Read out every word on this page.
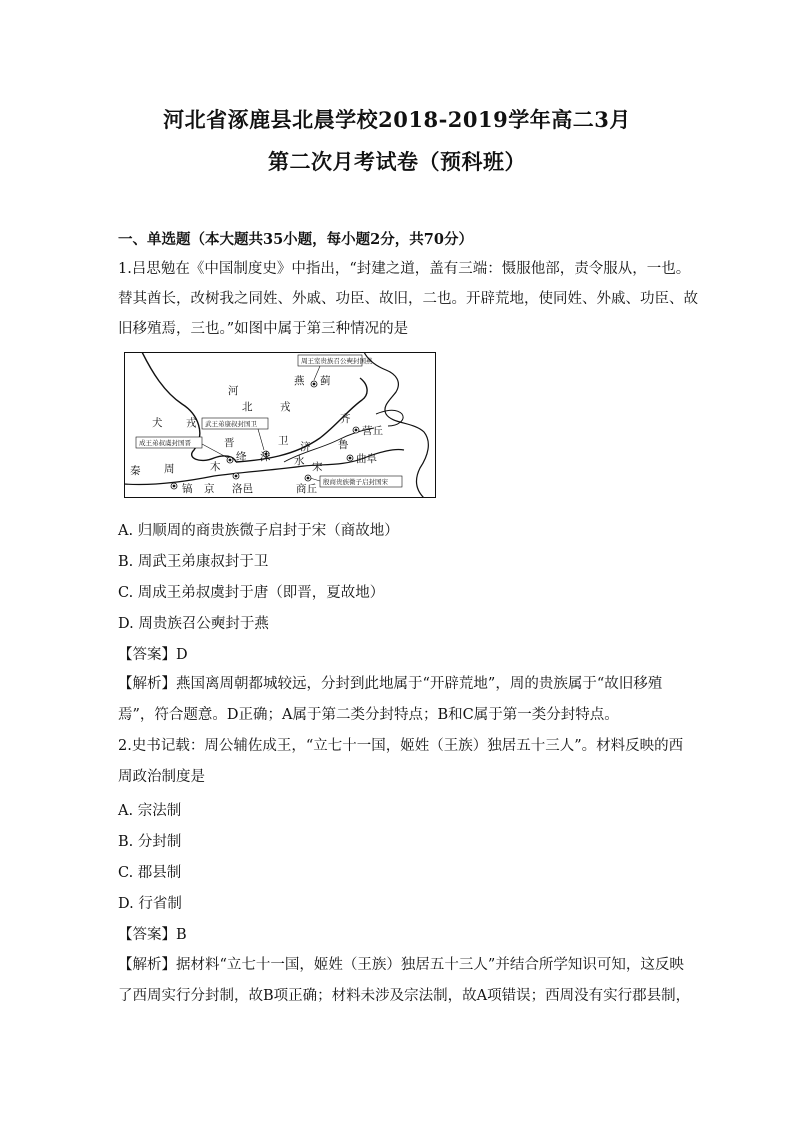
河北省涿鹿县北晨学校2018-2019学年高二3月
第二次月考试卷（预科班）
一、单选题（本大题共35小题，每小题2分，共70分）
1.吕思勉在《中国制度史》中指出，“封建之道，盖有三端：慑服他部，责令服从，一也。
替其酋长，改树我之同姓、外戚、功臣、故旧，二也。开辟荒地，使同姓、外戚、功臣、故
旧移殖焉，三也。”如图中属于第三种情况的是
周王室贵族召公奭封国燕
武王弟康叔封国卫
成王弟叔虞封国晋
殷商贵族微子启封国宋
河
北	戎
犬 戎
燕 蓟
齐
营丘
鲁
曲阜
卫
沫
济
水 宋
商丘
晋
绛
木
秦 周
镐 京 洛邑
A. 归顺周的商贵族微子启封于宋（商故地）
B. 周武王弟康叔封于卫
C. 周成王弟叔虞封于唐（即晋，夏故地）
D. 周贵族召公奭封于燕
【答案】D
【解析】燕国离周朝都城较远，分封到此地属于“开辟荒地”，周的贵族属于“故旧移殖
焉”，符合题意。D正确；A属于第二类分封特点；B和C属于第一类分封特点。
2.史书记载：周公辅佐成王，“立七十一国，姬姓（王族）独居五十三人”。材料反映的西
周政治制度是
A. 宗法制
B. 分封制
C. 郡县制
D. 行省制
【答案】B
【解析】据材料“立七十一国，姬姓（王族）独居五十三人”并结合所学知识可知，这反映
了西周实行分封制，故B项正确；材料未涉及宗法制，故A项错误；西周没有实行郡县制，
